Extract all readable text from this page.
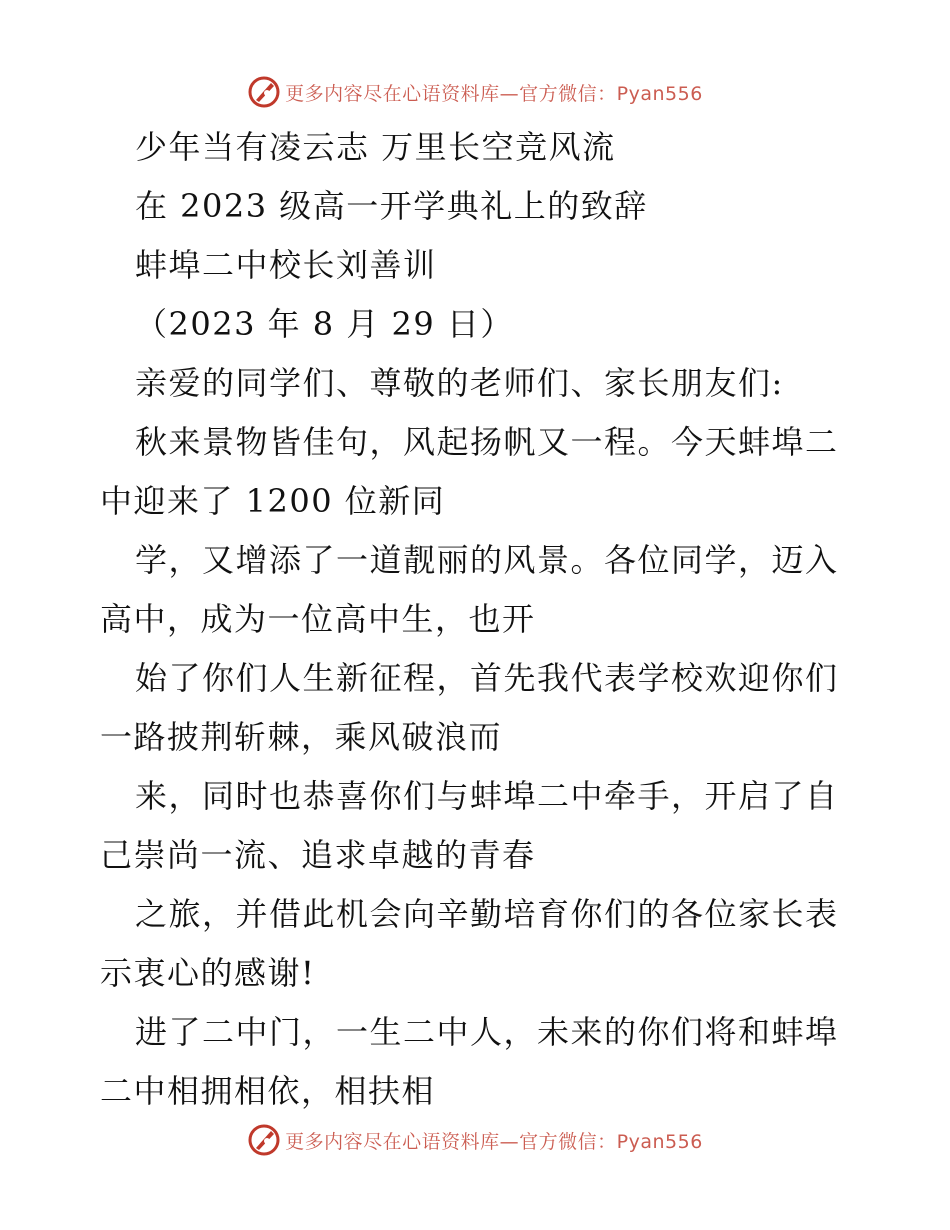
更多内容尽在心语资料库—官方微信：Pyan556
少年当有凌云志 万里长空竞风流
在 2023 级高一开学典礼上的致辞
蚌埠二中校长刘善训
（2023 年 8 月 29 日）
亲爱的同学们、尊敬的老师们、家长朋友们:
秋来景物皆佳句，风起扬帆又一程。今天蚌埠二
中迎来了 1200 位新同
学，又增添了一道靓丽的风景。各位同学，迈入
高中，成为一位高中生，也开
始了你们人生新征程，首先我代表学校欢迎你们
一路披荆斩棘，乘风破浪而
来，同时也恭喜你们与蚌埠二中牵手，开启了自
己崇尚一流、追求卓越的青春
之旅，并借此机会向辛勤培育你们的各位家长表
示衷心的感谢!
进了二中门，一生二中人，未来的你们将和蚌埠
二中相拥相依，相扶相
更多内容尽在心语资料库—官方微信：Pyan556
